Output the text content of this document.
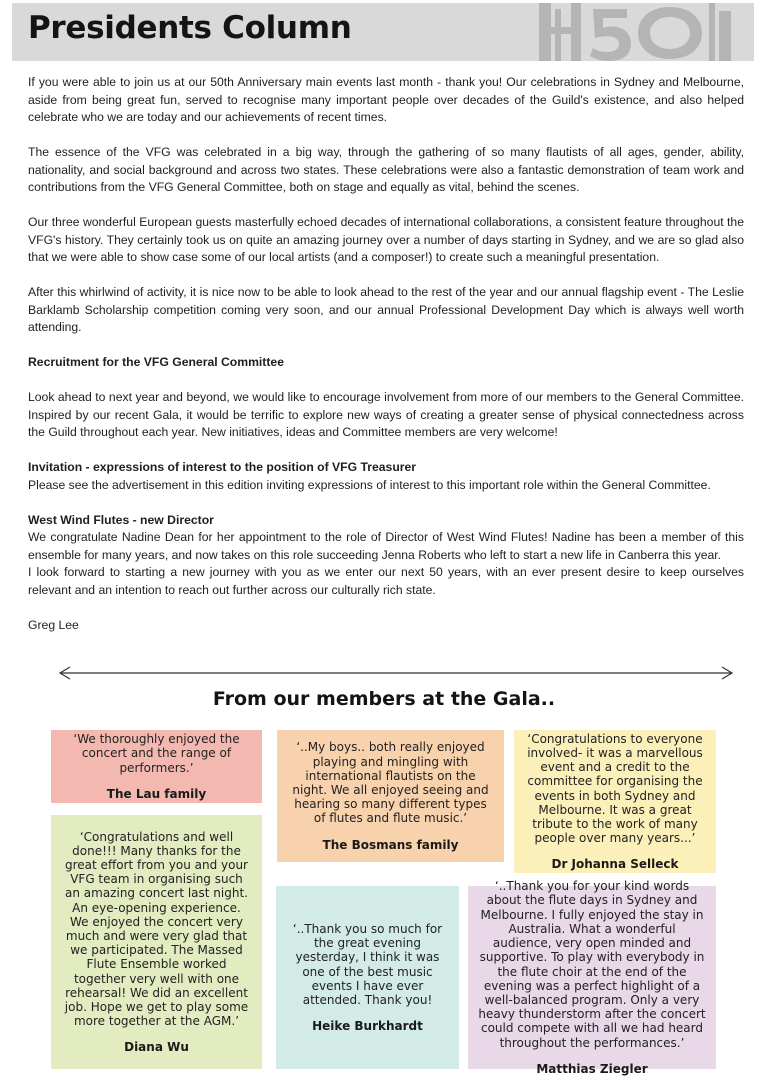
Presidents Column	50

If you were able to join us at our 50th Anniversary main events last month - thank you! Our celebrations in Sydney and Melbourne, aside from being great fun, served to recognise many important people over decades of the Guild's existence, and also helped celebrate who we are today and our achievements of recent times.

The essence of the VFG was celebrated in a big way, through the gathering of so many flautists of all ages, gender, ability, nationality, and social background and across two states. These celebrations were also a fantastic demonstration of team work and contributions from the VFG General Committee, both on stage and equally as vital, behind the scenes.

Our three wonderful European guests masterfully echoed decades of international collaborations, a consistent feature throughout the VFG's history. They certainly took us on quite an amazing journey over a number of days starting in Sydney, and we are so glad also that we were able to show case some of our local artists (and a composer!) to create such a meaningful presentation.

After this whirlwind of activity, it is nice now to be able to look ahead to the rest of the year and our annual flagship event - The Leslie Barklamb Scholarship competition coming very soon, and our annual Professional Development Day which is always well worth attending.

Recruitment for the VFG General Committee

Look ahead to next year and beyond, we would like to encourage involvement from more of our members to the General Committee. Inspired by our recent Gala, it would be terrific to explore new ways of creating a greater sense of physical connectedness across the Guild throughout each year. New initiatives, ideas and Committee members are very welcome!

Invitation - expressions of interest to the position of VFG Treasurer

Please see the advertisement in this edition inviting expressions of interest to this important role within the General Committee.

West Wind Flutes - new Director

We congratulate Nadine Dean for her appointment to the role of Director of West Wind Flutes! Nadine has been a member of this ensemble for many years, and now takes on this role succeeding Jenna Roberts who left to start a new life in Canberra this year.

I look forward to starting a new journey with you as we enter our next 50 years, with an ever present desire to keep ourselves relevant and an intention to reach out further across our culturally rich state.

Greg Lee

From our members at the Gala..
‘We thoroughly enjoyed the concert and the range of performers.’
The Lau family
‘..My boys.. both really enjoyed playing and mingling with international flautists on the night. We all enjoyed seeing and hearing so many different types of flutes and flute music.’
The Bosmans family
‘Congratulations to everyone involved- it was a marvellous event and a credit to the committee for organising the events in both Sydney and Melbourne. It was a great tribute to the work of many people over many years...’
Dr Johanna Selleck
‘Congratulations and well done!!! Many thanks for the great effort from you and your VFG team in organising such an amazing concert last night. An eye-opening experience. We enjoyed the concert very much and were very glad that we participated. The Massed Flute Ensemble worked together very well with one rehearsal! We did an excellent job. Hope we get to play some more together at the AGM.’
Diana Wu
‘..Thank you so much for the great evening yesterday, I think it was one of the best music events I have ever attended. Thank you!
Heike Burkhardt
‘..Thank you for your kind words about the flute days in Sydney and Melbourne. I fully enjoyed the stay in Australia. What a wonderful audience, very open minded and supportive. To play with everybody in the flute choir at the end of the evening was a perfect highlight of a well-balanced program. Only a very heavy thunderstorm after the concert could compete with all we had heard throughout the performances.’
Matthias Ziegler
